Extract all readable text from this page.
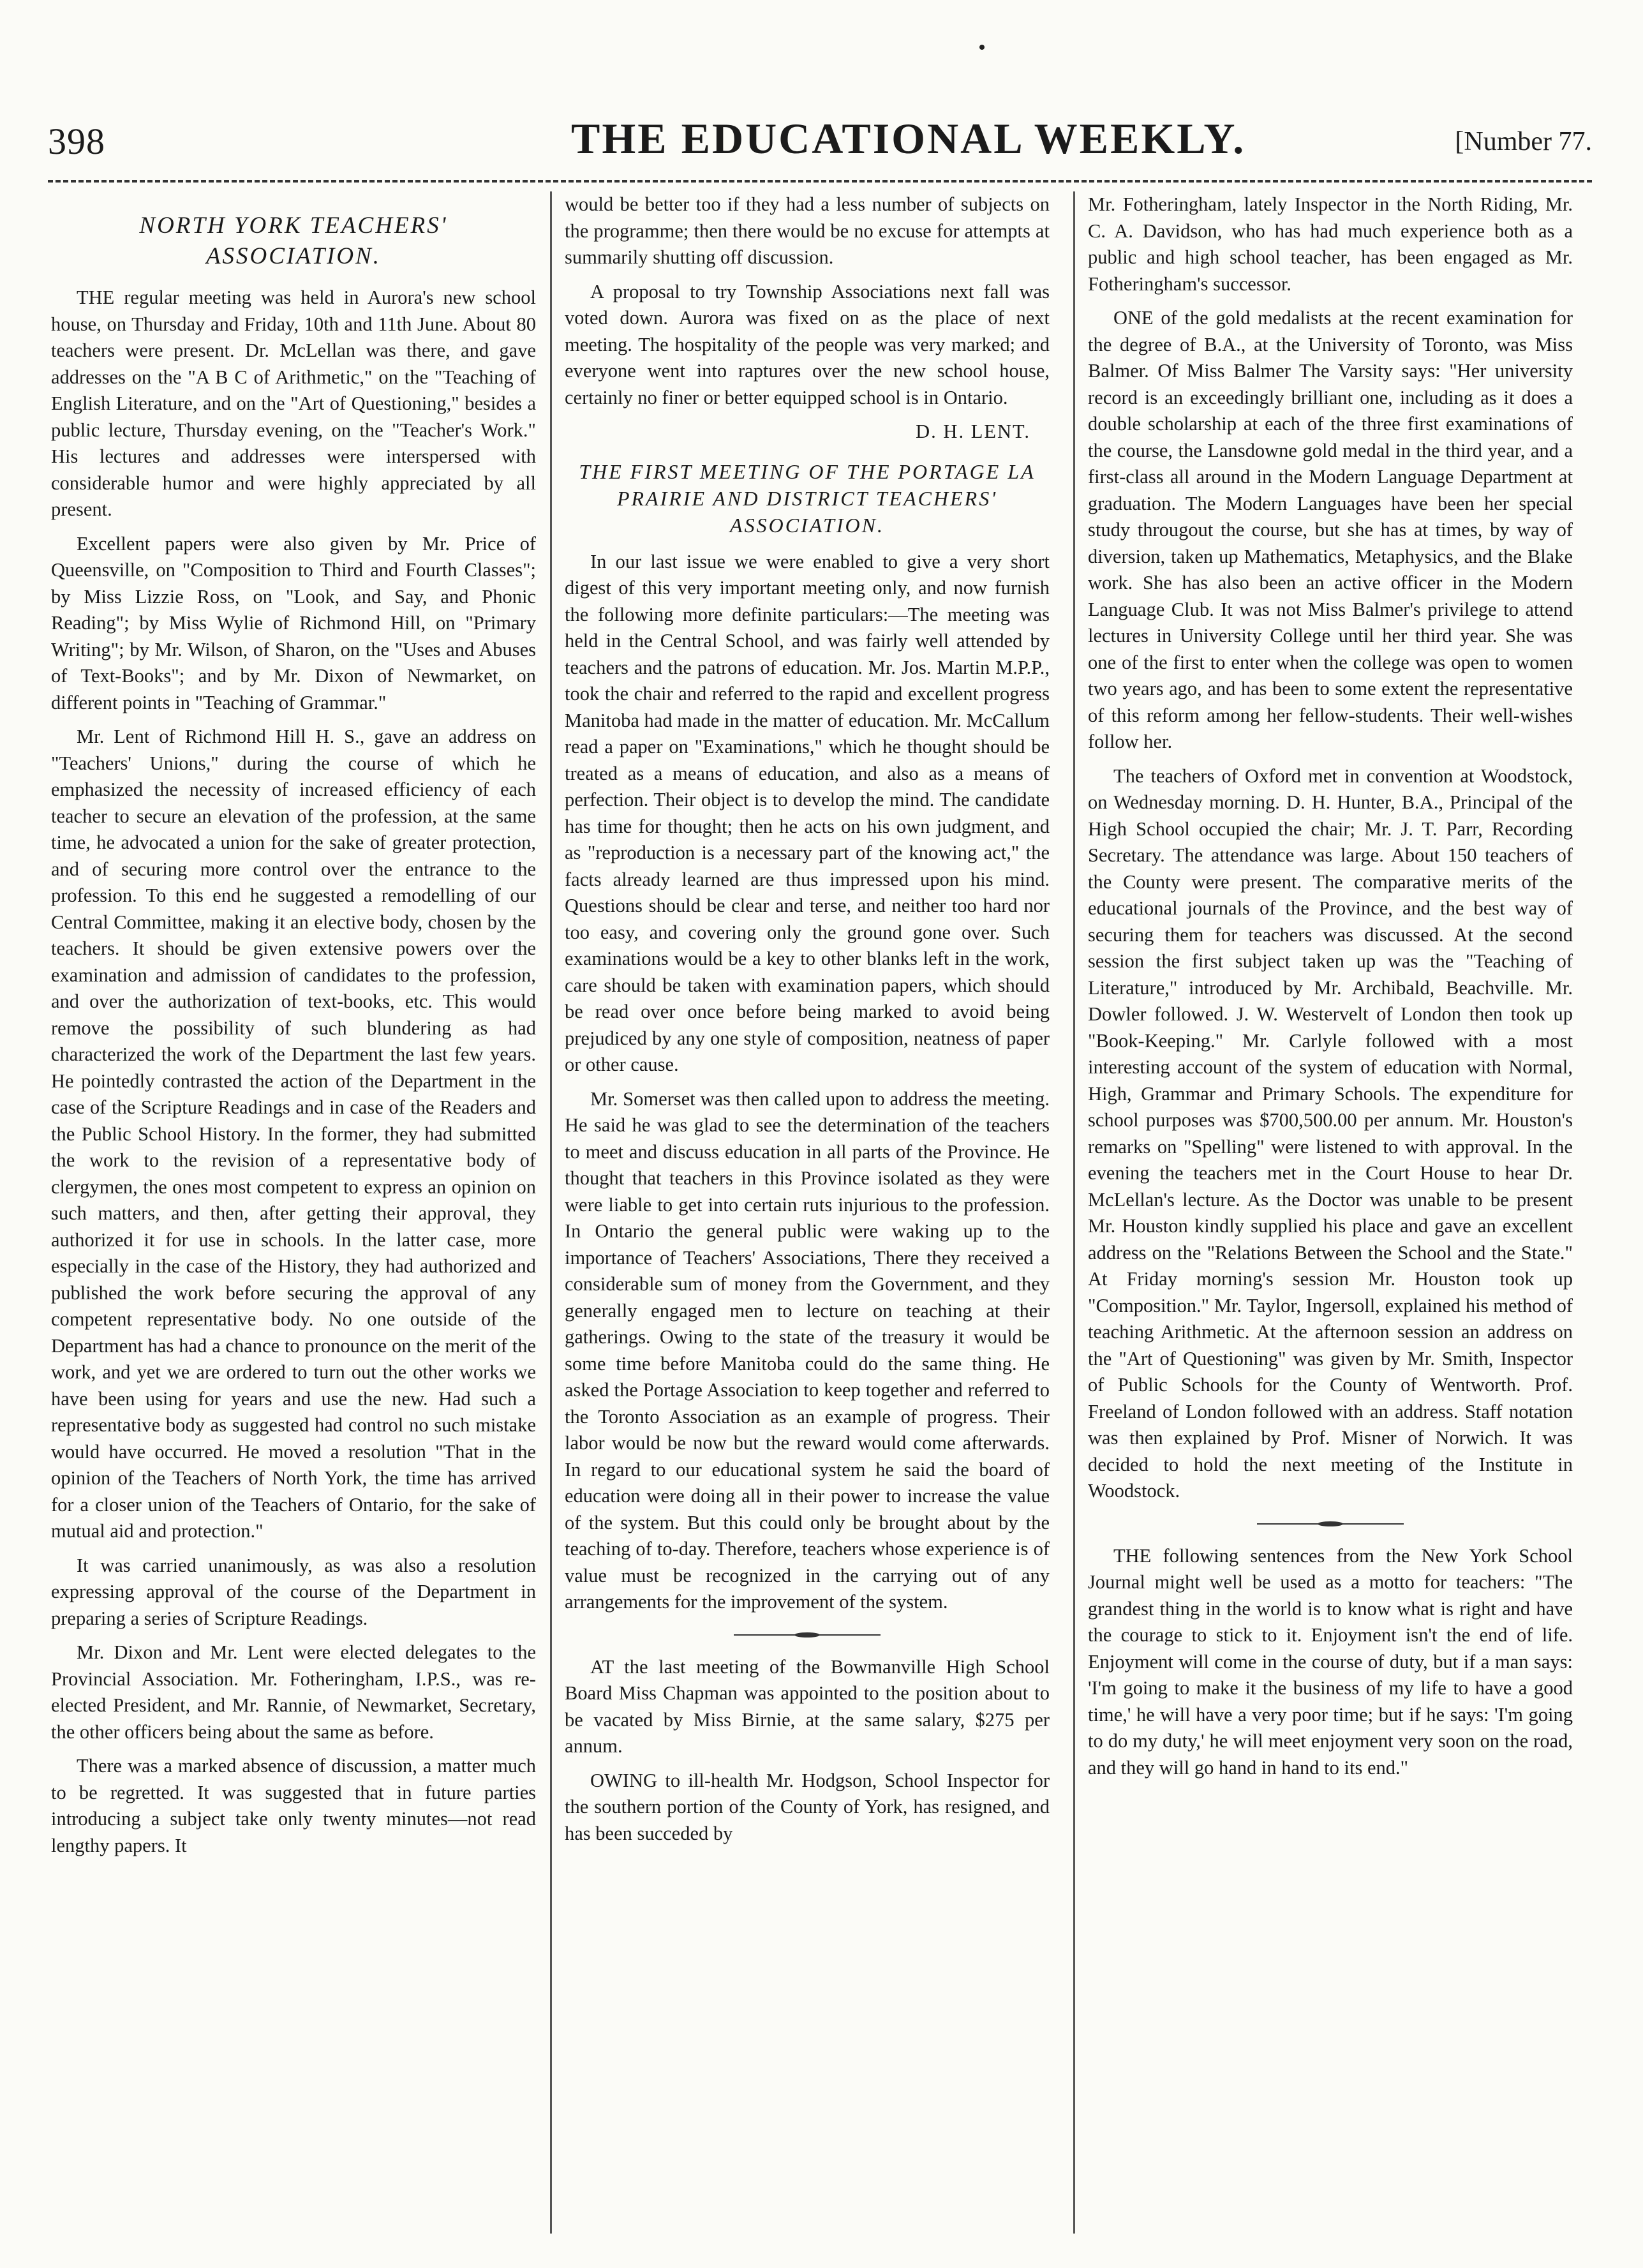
398	THE EDUCATIONAL WEEKLY.	[Number 77.
NORTH YORK TEACHERS' ASSOCIATION.

THE regular meeting was held in Aurora's new school house, on Thursday and Friday, 10th and 11th June. About 80 teachers were present. Dr. McLellan was there, and gave addresses on the "A B C of Arithmetic," on the "Teaching of English Literature, and on the "Art of Questioning," besides a public lecture, Thursday evening, on the "Teacher's Work." His lectures and addresses were interspersed with considerable humor and were highly appreciated by all present.

Excellent papers were also given by Mr. Price of Queensville, on "Composition to Third and Fourth Classes"; by Miss Lizzie Ross, on "Look, and Say, and Phonic Reading"; by Miss Wylie of Richmond Hill, on "Primary Writing"; by Mr. Wilson, of Sharon, on the "Uses and Abuses of Text-Books"; and by Mr. Dixon of Newmarket, on different points in "Teaching of Grammar."

Mr. Lent of Richmond Hill H. S., gave an address on "Teachers' Unions," during the course of which he emphasized the necessity of increased efficiency of each teacher to secure an elevation of the profession, at the same time, he advocated a union for the sake of greater protection, and of securing more control over the entrance to the profession. To this end he suggested a remodelling of our Central Committee, making it an elective body, chosen by the teachers. It should be given extensive powers over the examination and admission of candidates to the profession, and over the authorization of text-books, etc. This would remove the possibility of such blundering as had characterized the work of the Department the last few years. He pointedly contrasted the action of the Department in the case of the Scripture Readings and in case of the Readers and the Public School History. In the former, they had submitted the work to the revision of a representative body of clergymen, the ones most competent to express an opinion on such matters, and then, after getting their approval, they authorized it for use in schools. In the latter case, more especially in the case of the History, they had authorized and published the work before securing the approval of any competent representative body. No one outside of the Department has had a chance to pronounce on the merit of the work, and yet we are ordered to turn out the other works we have been using for years and use the new. Had such a representative body as suggested had control no such mistake would have occurred. He moved a resolution "That in the opinion of the Teachers of North York, the time has arrived for a closer union of the Teachers of Ontario, for the sake of mutual aid and protection."

It was carried unanimously, as was also a resolution expressing approval of the course of the Department in preparing a series of Scripture Readings.

Mr. Dixon and Mr. Lent were elected delegates to the Provincial Association. Mr. Fotheringham, I.P.S., was re-elected President, and Mr. Rannie, of Newmarket, Secretary, the other officers being about the same as before.

There was a marked absence of discussion, a matter much to be regretted. It was suggested that in future parties introducing a subject take only twenty minutes—not read lengthy papers. It

would be better too if they had a less number of subjects on the programme; then there would be no excuse for attempts at summarily shutting off discussion.

A proposal to try Township Associations next fall was voted down. Aurora was fixed on as the place of next meeting. The hospitality of the people was very marked; and everyone went into raptures over the new school house, certainly no finer or better equipped school is in Ontario.

D. H. LENT.
THE FIRST MEETING OF THE PORTAGE LA PRAIRIE AND DISTRICT TEACHERS' ASSOCIATION.

In our last issue we were enabled to give a very short digest of this very important meeting only, and now furnish the following more definite particulars:—The meeting was held in the Central School, and was fairly well attended by teachers and the patrons of education. Mr. Jos. Martin M.P.P., took the chair and referred to the rapid and excellent progress Manitoba had made in the matter of education. Mr. McCallum read a paper on "Examinations," which he thought should be treated as a means of education, and also as a means of perfection. Their object is to develop the mind. The candidate has time for thought; then he acts on his own judgment, and as "reproduction is a necessary part of the knowing act," the facts already learned are thus impressed upon his mind. Questions should be clear and terse, and neither too hard nor too easy, and covering only the ground gone over. Such examinations would be a key to other blanks left in the work, care should be taken with examination papers, which should be read over once before being marked to avoid being prejudiced by any one style of composition, neatness of paper or other cause.

Mr. Somerset was then called upon to address the meeting. He said he was glad to see the determination of the teachers to meet and discuss education in all parts of the Province. He thought that teachers in this Province isolated as they were were liable to get into certain ruts injurious to the profession. In Ontario the general public were waking up to the importance of Teachers' Associations, There they received a considerable sum of money from the Government, and they generally engaged men to lecture on teaching at their gatherings. Owing to the state of the treasury it would be some time before Manitoba could do the same thing. He asked the Portage Association to keep together and referred to the Toronto Association as an example of progress. Their labor would be now but the reward would come afterwards. In regard to our educational system he said the board of education were doing all in their power to increase the value of the system. But this could only be brought about by the teaching of to-day. Therefore, teachers whose experience is of value must be recognized in the carrying out of any arrangements for the improvement of the system.

AT the last meeting of the Bowmanville High School Board Miss Chapman was appointed to the position about to be vacated by Miss Birnie, at the same salary, $275 per annum.

OWING to ill-health Mr. Hodgson, School Inspector for the southern portion of the County of York, has resigned, and has been succeded by

Mr. Fotheringham, lately Inspector in the North Riding, Mr. C. A. Davidson, who has had much experience both as a public and high school teacher, has been engaged as Mr. Fotheringham's successor.

ONE of the gold medalists at the recent examination for the degree of B.A., at the University of Toronto, was Miss Balmer. Of Miss Balmer The Varsity says: "Her university record is an exceedingly brilliant one, including as it does a double scholarship at each of the three first examinations of the course, the Lansdowne gold medal in the third year, and a first-class all around in the Modern Language Department at graduation. The Modern Languages have been her special study througout the course, but she has at times, by way of diversion, taken up Mathematics, Metaphysics, and the Blake work. She has also been an active officer in the Modern Language Club. It was not Miss Balmer's privilege to attend lectures in University College until her third year. She was one of the first to enter when the college was open to women two years ago, and has been to some extent the representative of this reform among her fellow-students. Their well-wishes follow her.

The teachers of Oxford met in convention at Woodstock, on Wednesday morning. D. H. Hunter, B.A., Principal of the High School occupied the chair; Mr. J. T. Parr, Recording Secretary. The attendance was large. About 150 teachers of the County were present. The comparative merits of the educational journals of the Province, and the best way of securing them for teachers was discussed. At the second session the first subject taken up was the "Teaching of Literature," introduced by Mr. Archibald, Beachville. Mr. Dowler followed. J. W. Westervelt of London then took up "Book-Keeping." Mr. Carlyle followed with a most interesting account of the system of education with Normal, High, Grammar and Primary Schools. The expenditure for school purposes was $700,500.00 per annum. Mr. Houston's remarks on "Spelling" were listened to with approval. In the evening the teachers met in the Court House to hear Dr. McLellan's lecture. As the Doctor was unable to be present Mr. Houston kindly supplied his place and gave an excellent address on the "Relations Between the School and the State." At Friday morning's session Mr. Houston took up "Composition." Mr. Taylor, Ingersoll, explained his method of teaching Arithmetic. At the afternoon session an address on the "Art of Questioning" was given by Mr. Smith, Inspector of Public Schools for the County of Wentworth. Prof. Freeland of London followed with an address. Staff notation was then explained by Prof. Misner of Norwich. It was decided to hold the next meeting of the Institute in Woodstock.

THE following sentences from the New York School Journal might well be used as a motto for teachers: "The grandest thing in the world is to know what is right and have the courage to stick to it. Enjoyment isn't the end of life. Enjoyment will come in the course of duty, but if a man says: 'I'm going to make it the business of my life to have a good time,' he will have a very poor time; but if he says: 'I'm going to do my duty,' he will meet enjoyment very soon on the road, and they will go hand in hand to its end."
